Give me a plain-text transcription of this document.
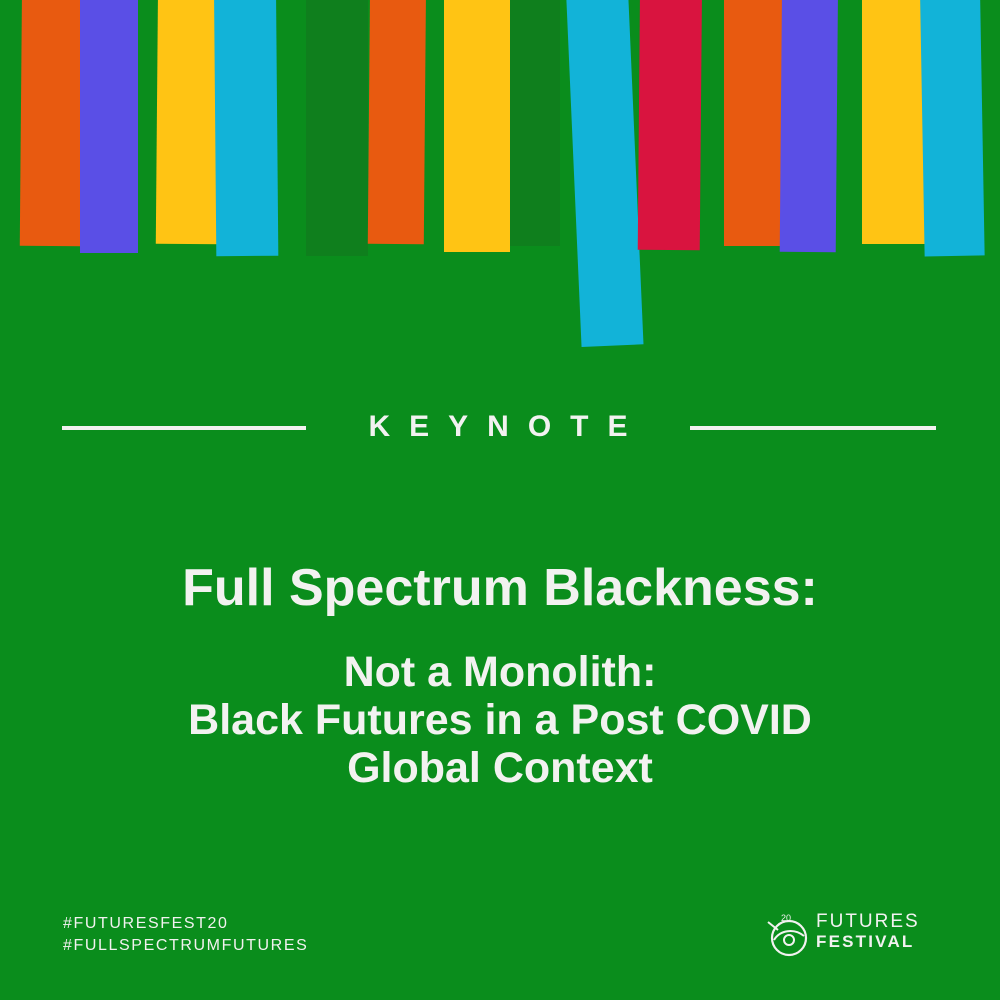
KEYNOTE
Full Spectrum Blackness:
Not a Monolith:
Black Futures in a Post COVID
Global Context
#FUTURESFEST20
#FULLSPECTRUMFUTURES
20 FUTURES
FESTIVAL
